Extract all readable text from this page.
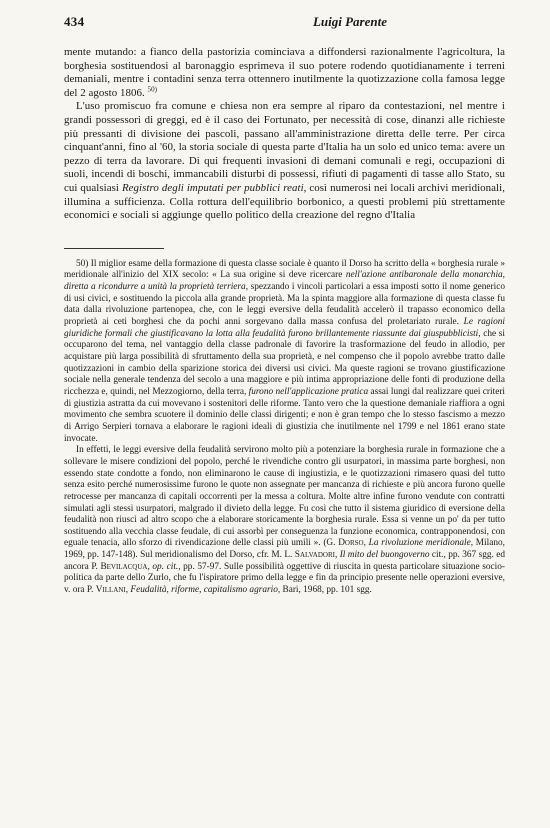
434	Luigi Parente

mente mutando: a fianco della pastorizia cominciava a diffondersi razionalmente l'agricoltura, la borghesia sostituendosi al baronaggio esprimeva il suo potere rodendo quotidianamente i terreni demaniali, mentre i contadini senza terra ottennero inutilmente la quotizzazione colla famosa legge del 2 agosto 1806. $^{50)}$

L'uso promiscuo fra comune e chiesa non era sempre al riparo da contestazioni, nel mentre i grandi possessori di greggi, ed è il caso dei Fortunato, per necessità di cose, dinanzi alle richieste più pressanti di divisione dei pascoli, passano all'amministrazione diretta delle terre. Per circa cinquant'anni, fino al '60, la storia sociale di questa parte d'Italia ha un solo ed unico tema: avere un pezzo di terra da lavorare. Di qui frequenti invasioni di demani comunali e regi, occupazioni di suoli, incendi di boschi, immancabili disturbi di possessi, rifiuti di pagamenti di tasse allo Stato, su cui qualsiasi Registro degli imputati per pubblici reati, così numerosi nei locali archivi meridionali, illumina a sufficienza. Colla rottura dell'equilibrio borbonico, a questi problemi più strettamente economici e sociali si aggiunge quello politico della creazione del regno d'Italia

50) Il miglior esame della formazione di questa classe sociale è quanto il Dorso ha scritto della « borghesia rurale » meridionale all'inizio del XIX secolo: « La sua origine si deve ricercare nell'azione antibaronale della monarchia, diretta a ricondurre a unità la proprietà terriera, spezzando i vincoli particolari a essa imposti sotto il nome generico di usi civici, e sostituendo la piccola alla grande proprietà. Ma la spinta maggiore alla formazione di questa classe fu data dalla rivoluzione partenopea, che, con le leggi eversive della feudalità accelerò il trapasso economico della proprietà ai ceti borghesi che da pochi anni sorgevano dalla massa confusa del proletariato rurale. Le ragioni giuridiche formali che giustificavano la lotta alla feudalità furono brillantemente riassunte dai giuspubblicisti, che si occuparono del tema, nel vantaggio della classe padronale di favorire la trasformazione del feudo in allodio, per acquistare più larga possibilità di sfruttamento della sua proprietà, e nel compenso che il popolo avrebbe tratto dalle quotizzazioni in cambio della sparizione storica dei diversi usi civici. Ma queste ragioni se trovano giustificazione sociale nella generale tendenza del secolo a una maggiore e più intima appropriazione delle fonti di produzione della ricchezza e, quindi, nel Mezzogiorno, della terra, furono nell'applicazione pratica assai lungi dal realizzare quei criteri di giustizia astratta da cui movevano i sostenitori delle riforme. Tanto vero che la questione demaniale riaffiora a ogni movimento che sembra scuotere il dominio delle classi dirigenti; e non è gran tempo che lo stesso fascismo a mezzo di Arrigo Serpieri tornava a elaborare le ragioni ideali di giustizia che inutilmente nel 1799 e nel 1861 erano state invocate.

In effetti, le leggi eversive della feudalità servirono molto più a potenziare la borghesia rurale in formazione che a sollevare le misere condizioni del popolo, perché le rivendiche contro gli usurpatori, in massima parte borghesi, non essendo state condotte a fondo, non eliminarono le cause di ingiustizia, e le quotizzazioni rimasero quasi del tutto senza esito perché numerosissime furono le quote non assegnate per mancanza di richieste e più ancora furono quelle retrocesse per mancanza di capitali occorrenti per la messa a coltura. Molte altre infine furono vendute con contratti simulati agli stessi usurpatori, malgrado il divieto della legge. Fu così che tutto il sistema giuridico di eversione della feudalità non riuscì ad altro scopo che a elaborare storicamente la borghesia rurale. Essa si venne un po' da per tutto sostituendo alla vecchia classe feudale, di cui assorbì per conseguenza la funzione economica, contrapponendosi, con eguale tenacia, allo sforzo di rivendicazione delle classi più umili ». (G. Dorso, La rivoluzione meridionale, Milano, 1969, pp. 147-148). Sul meridionalismo del Dorso, cfr. M. L. Salvadori, Il mito del buongoverno cit., pp. 367 sgg. ed ancora P. Bevilacqua, op. cit., pp. 57-97. Sulle possibilità oggettive di riuscita in questa particolare situazione socio-politica da parte dello Zurlo, che fu l'ispiratore primo della legge e fin da principio presente nelle operazioni eversive, v. ora P. Villani, Feudalità, riforme, capitalismo agrario, Bari, 1968, pp. 101 sgg.
